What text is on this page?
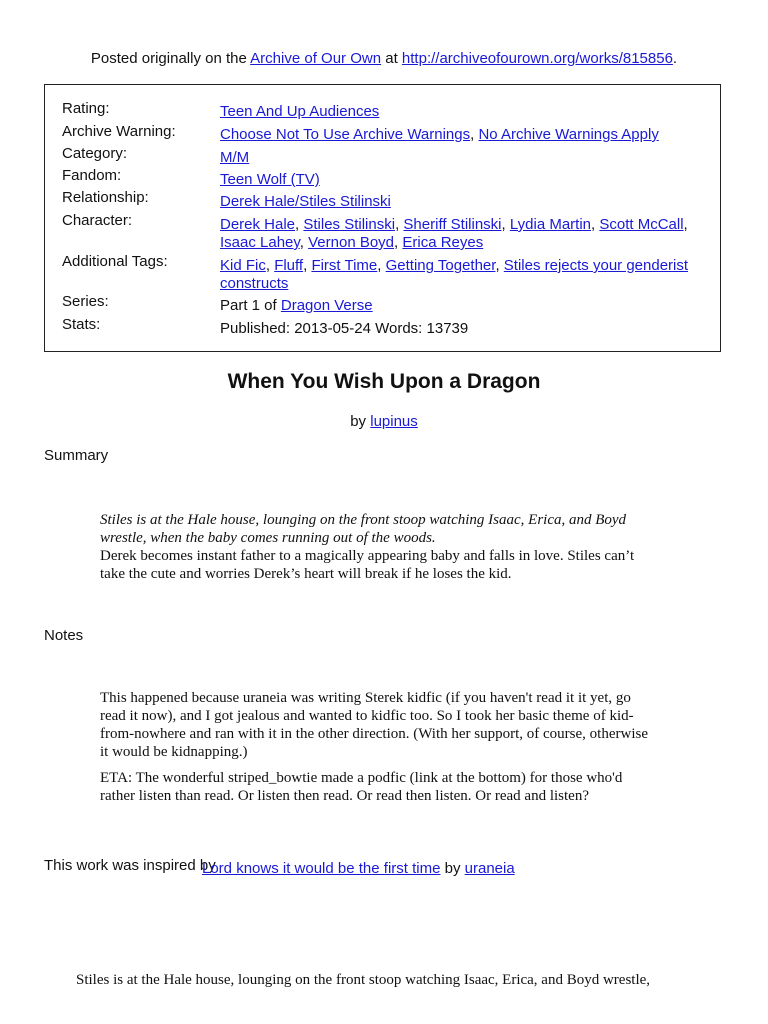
Posted originally on the Archive of Our Own at http://archiveofourown.org/works/815856.
Rating:	Teen And Up Audiences
Archive Warning:	Choose Not To Use Archive Warnings, No Archive Warnings Apply
Category:	M/M
Fandom:	Teen Wolf (TV)
Relationship:	Derek Hale/Stiles Stilinski
Character:	Derek Hale, Stiles Stilinski, Sheriff Stilinski, Lydia Martin, Scott McCall, Isaac Lahey, Vernon Boyd, Erica Reyes
Additional Tags:	Kid Fic, Fluff, First Time, Getting Together, Stiles rejects your genderist constructs
Series:	Part 1 of Dragon Verse
Stats:	Published: 2013-05-24 Words: 13739
When You Wish Upon a Dragon
by lupinus
Summary
Stiles is at the Hale house, lounging on the front stoop watching Isaac, Erica, and Boyd wrestle, when the baby comes running out of the woods.
Derek becomes instant father to a magically appearing baby and falls in love. Stiles can’t take the cute and worries Derek’s heart will break if he loses the kid.
Notes

This happened because uraneia was writing Sterek kidfic (if you haven't read it it yet, go read it now), and I got jealous and wanted to kidfic too. So I took her basic theme of kid-from-nowhere and ran with it in the other direction. (With her support, of course, otherwise it would be kidnapping.)

ETA: The wonderful striped_bowtie made a podfic (link at the bottom) for those who'd rather listen than read. Or listen then read. Or read then listen. Or read and listen?

This work was inspired by
Lord knows it would be the first time by uraneia
Stiles is at the Hale house, lounging on the front stoop watching Isaac, Erica, and Boyd wrestle,
